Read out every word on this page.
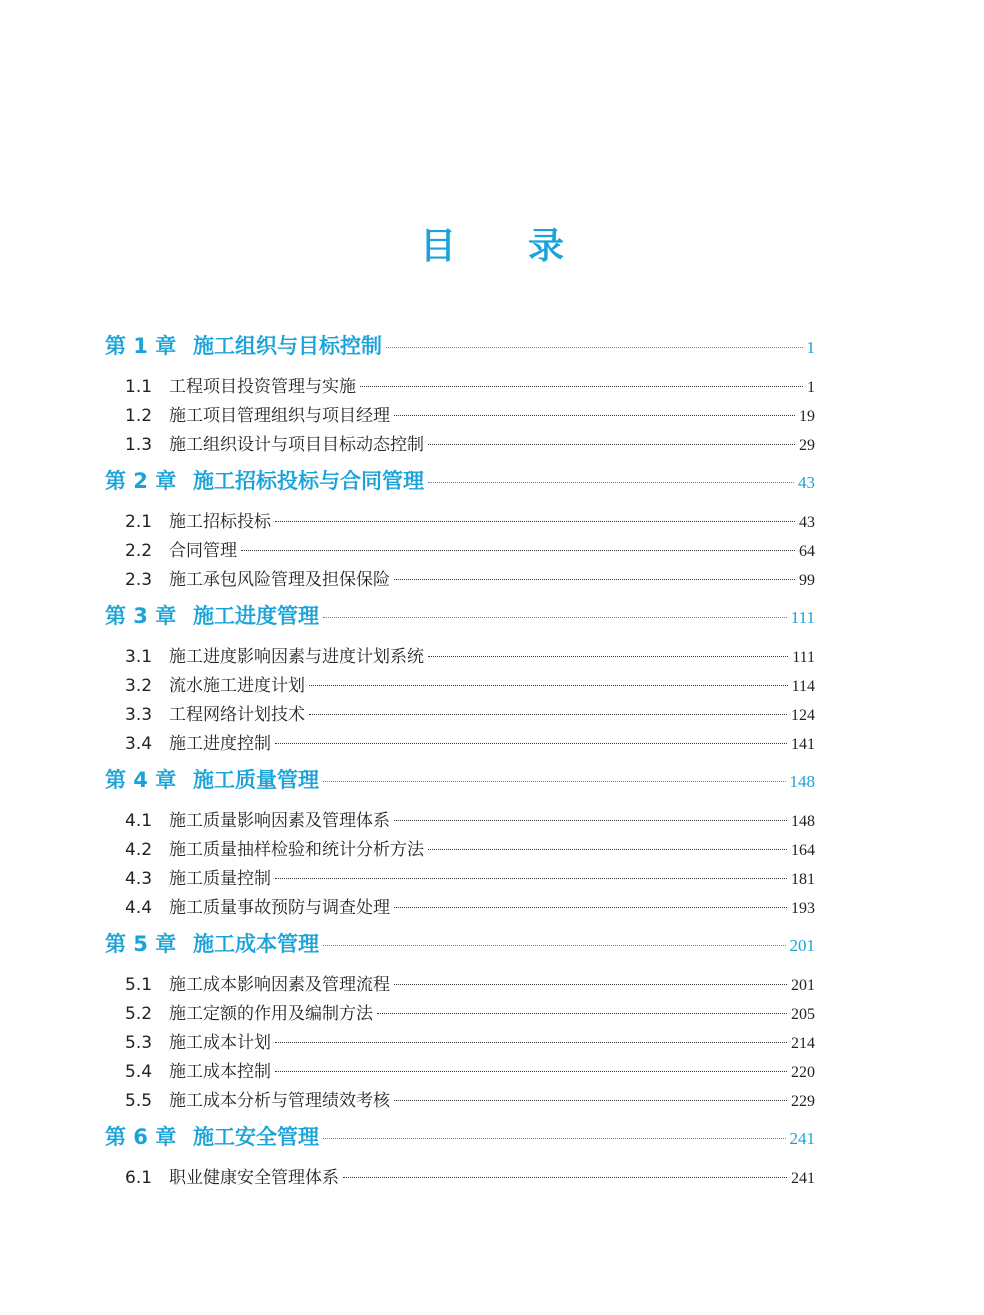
目 录
第 1 章 施工组织与目标控制	1
1.1 工程项目投资管理与实施	1
1.2 施工项目管理组织与项目经理	19
1.3 施工组织设计与项目目标动态控制	29
第 2 章 施工招标投标与合同管理	43
2.1 施工招标投标	43
2.2 合同管理	64
2.3 施工承包风险管理及担保保险	99
第 3 章 施工进度管理	111
3.1 施工进度影响因素与进度计划系统	111
3.2 流水施工进度计划	114
3.3 工程网络计划技术	124
3.4 施工进度控制	141
第 4 章 施工质量管理	148
4.1 施工质量影响因素及管理体系	148
4.2 施工质量抽样检验和统计分析方法	164
4.3 施工质量控制	181
4.4 施工质量事故预防与调查处理	193
第 5 章 施工成本管理	201
5.1 施工成本影响因素及管理流程	201
5.2 施工定额的作用及编制方法	205
5.3 施工成本计划	214
5.4 施工成本控制	220
5.5 施工成本分析与管理绩效考核	229
第 6 章 施工安全管理	241
6.1 职业健康安全管理体系	241
